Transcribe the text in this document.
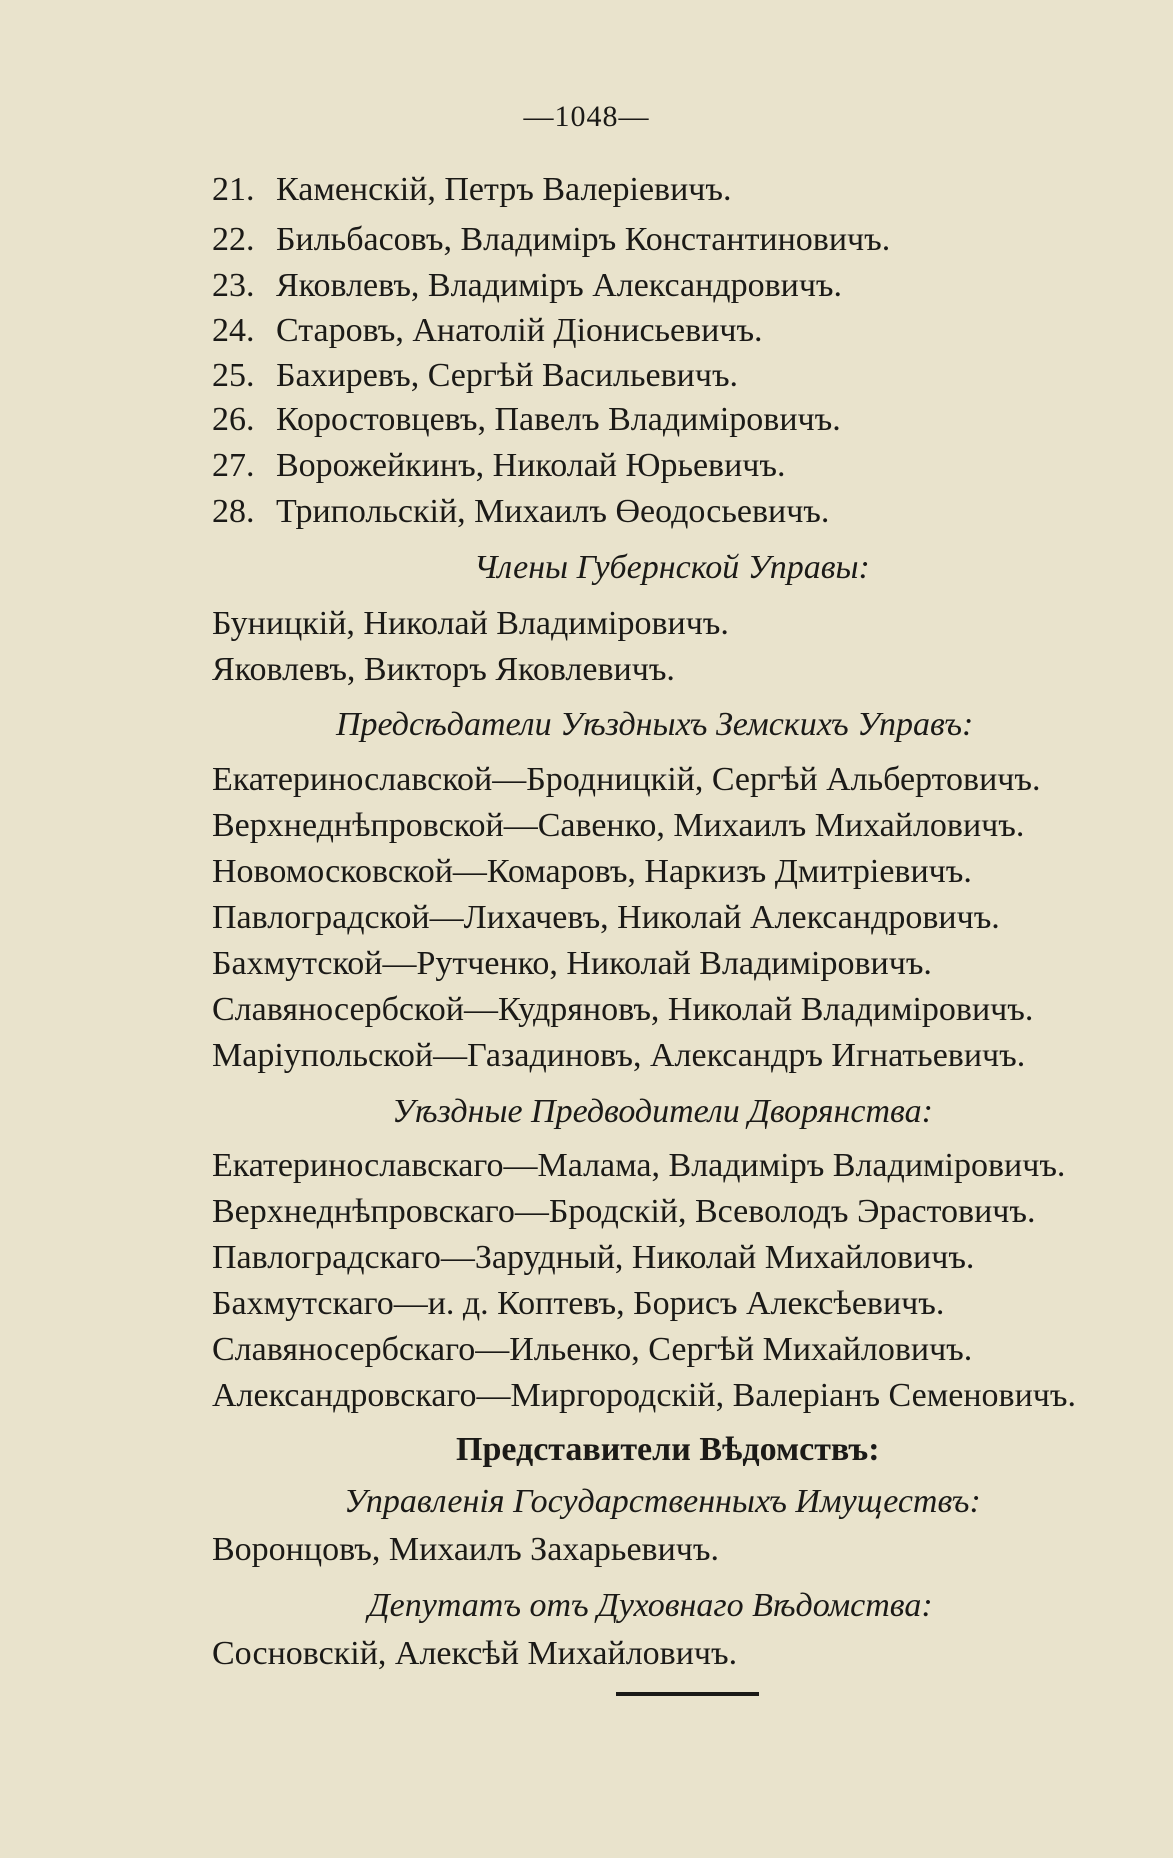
—1048—
21. Каменскій, Петръ Валеріевичъ.
22. Бильбасовъ, Владиміръ Константиновичъ.
23. Яковлевъ, Владиміръ Александровичъ.
24. Старовъ, Анатолій Діонисьевичъ.
25. Бахиревъ, Сергѣй Васильевичъ.
26. Коростовцевъ, Павелъ Владиміровичъ.
27. Ворожейкинъ, Николай Юрьевичъ.
28. Трипольскій, Михаилъ Өеодосьевичъ.
Члены Губернской Управы:
Буницкій, Николай Владиміровичъ.
Яковлевъ, Викторъ Яковлевичъ.
Предсѣдатели Уѣздныхъ Земскихъ Управъ:
Екатеринославской—Бродницкій, Сергѣй Альбертовичъ.
Верхнеднѣпровской—Савенко, Михаилъ Михайловичъ.
Новомосковской—Комаровъ, Наркизъ Дмитріевичъ.
Павлоградской—Лихачевъ, Николай Александровичъ.
Бахмутской—Рутченко, Николай Владиміровичъ.
Славяносербской—Кудряновъ, Николай Владиміровичъ.
Маріупольской—Газадиновъ, Александръ Игнатьевичъ.
Уѣздные Предводители Дворянства:
Екатеринославскаго—Малама, Владиміръ Владиміровичъ.
Верхнеднѣпровскаго—Бродскій, Всеволодъ Эрастовичъ.
Павлоградскаго—Зарудный, Николай Михайловичъ.
Бахмутскаго—и. д. Коптевъ, Борисъ Алексѣевичъ.
Славяносербскаго—Ильенко, Сергѣй Михайловичъ.
Александровскаго—Миргородскій, Валеріанъ Семеновичъ.
Представители Вѣдомствъ:
Управленія Государственныхъ Имуществъ:
Воронцовъ, Михаилъ Захарьевичъ.
Депутатъ отъ Духовнаго Вѣдомства:
Сосновскій, Алексѣй Михайловичъ.
